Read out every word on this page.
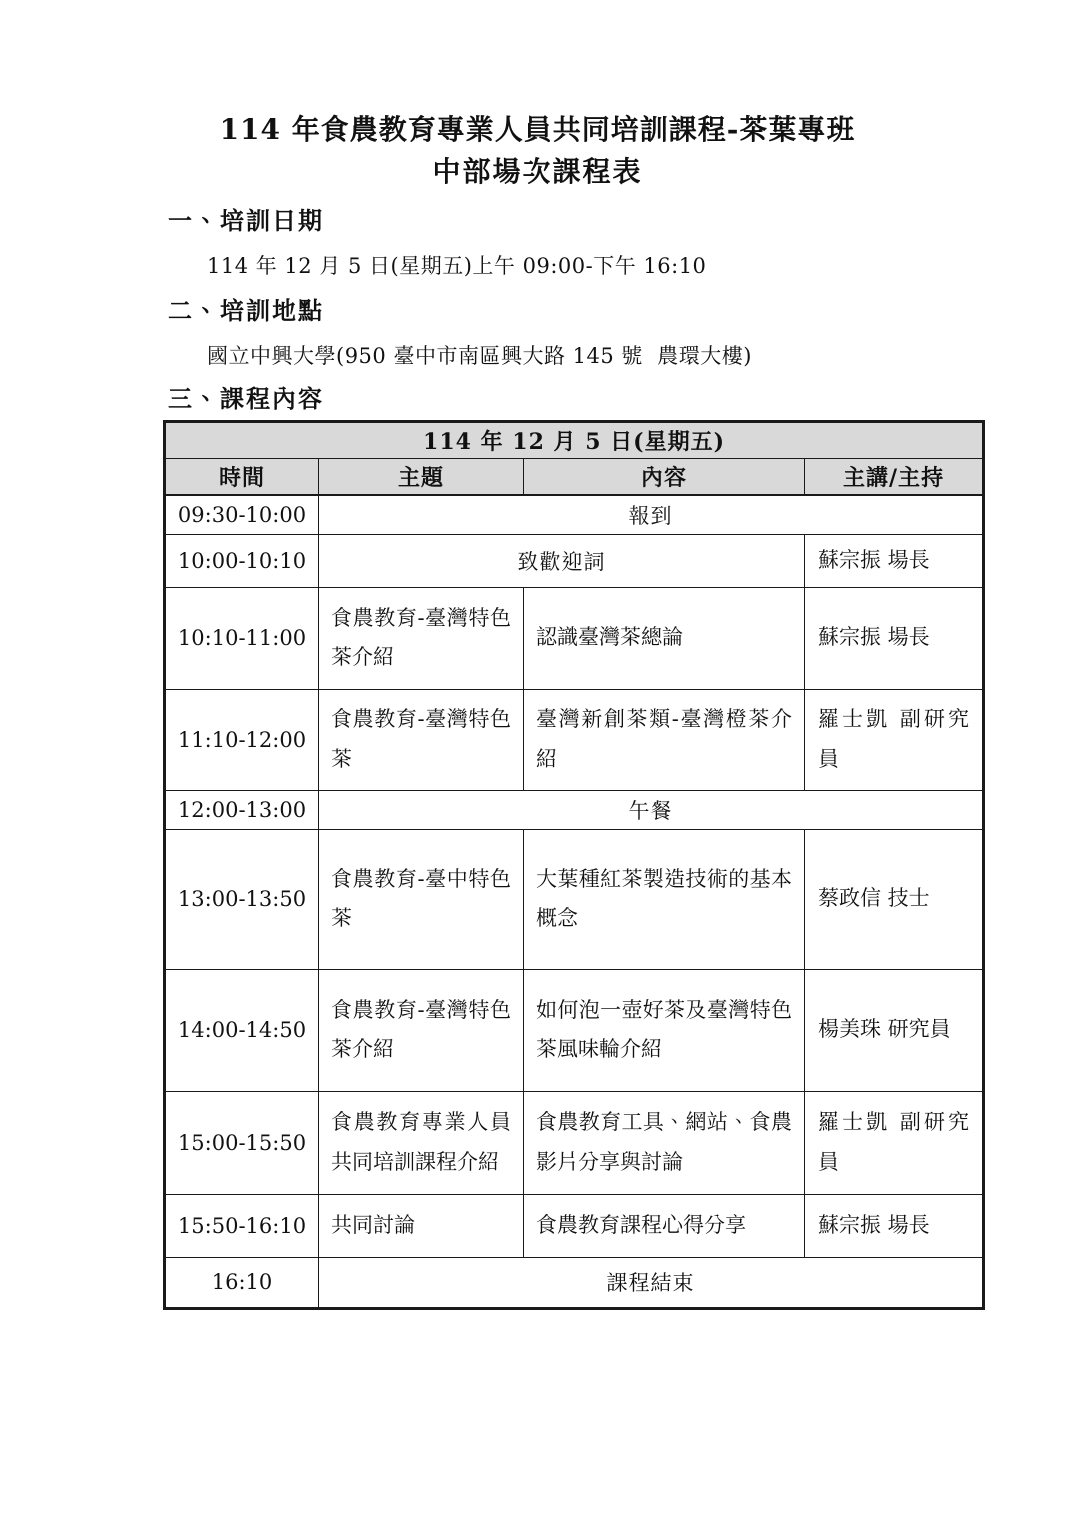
114 年食農教育專業人員共同培訓課程-茶葉專班
中部場次課程表
一、培訓日期
114 年 12 月 5 日(星期五)上午 09:00-下午 16:10
二、培訓地點
國立中興大學(950 臺中市南區興大路 145 號  農環大樓)
三、課程內容
114 年 12 月 5 日(星期五)			
時間	主題	內容	主講/主持
09:30-10:00	報到		
10:00-10:10	致歡迎詞		蘇宗振 場長
10:10-11:00	食農教育-臺灣特色茶介紹	認識臺灣茶總論	蘇宗振 場長
11:10-12:00	食農教育-臺灣特色茶	臺灣新創茶類-臺灣橙茶介紹	羅士凱 副研究員
12:00-13:00	午餐		
13:00-13:50	食農教育-臺中特色茶	大葉種紅茶製造技術的基本概念	蔡政信 技士
14:00-14:50	食農教育-臺灣特色茶介紹	如何泡一壺好茶及臺灣特色茶風味輪介紹	楊美珠 研究員
15:00-15:50	食農教育專業人員共同培訓課程介紹	食農教育工具、網站、食農影片分享與討論	羅士凱 副研究員
15:50-16:10	共同討論	食農教育課程心得分享	蘇宗振 場長
16:10	課程結束		
